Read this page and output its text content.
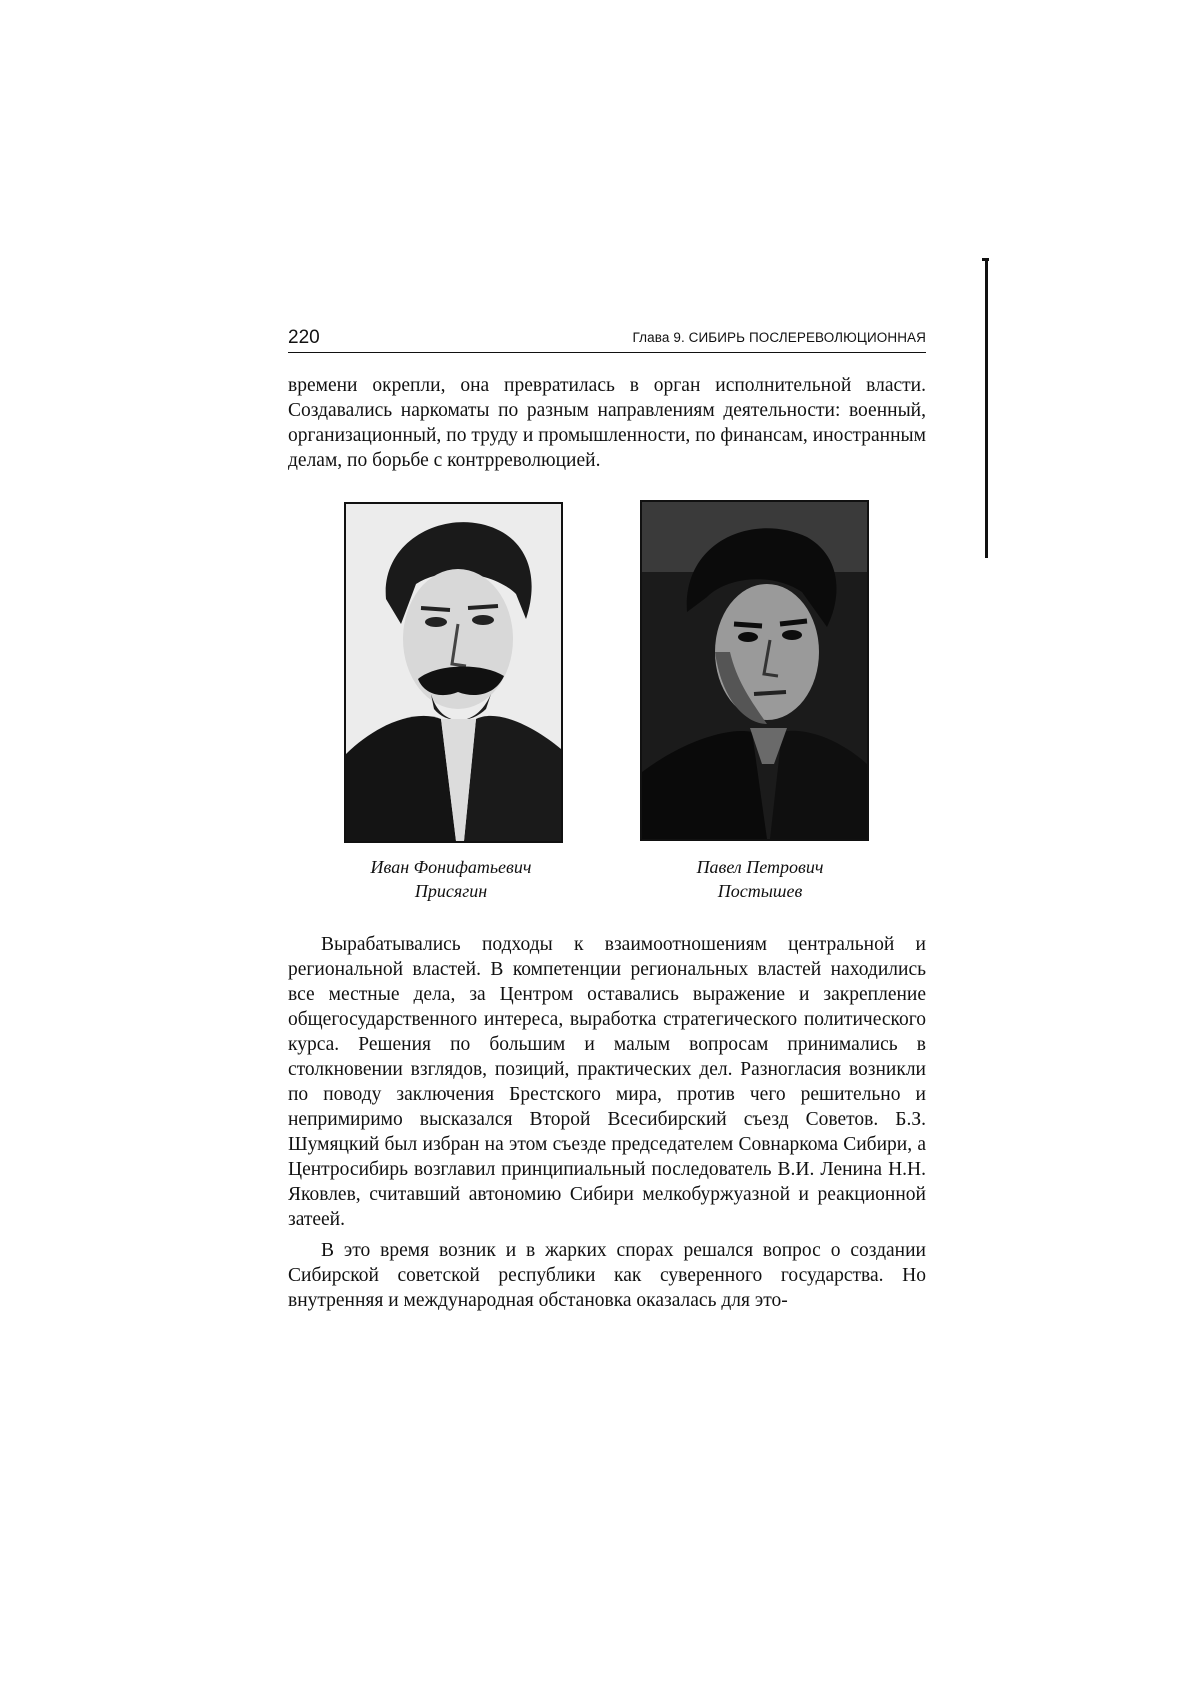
220	Глава 9. СИБИРЬ ПОСЛЕРЕВОЛЮЦИОННАЯ

времени окрепли, она превратилась в орган исполнительной власти. Создавались наркоматы по разным направлениям деятельности: военный, организационный, по труду и промышленности, по финансам, иностранным делам, по борьбе с контрреволюцией.

Иван Фонифатьевич
Присягин
Павел Петрович
Постышев

Вырабатывались подходы к взаимоотношениям центральной и региональной властей. В компетенции региональных властей находились все местные дела, за Центром оставались выражение и закрепление общегосударственного интереса, выработка стратегического политического курса. Решения по большим и малым вопросам принимались в столкновении взглядов, позиций, практических дел. Разногласия возникли по поводу заключения Брестского мира, против чего решительно и непримиримо высказался Второй Всесибирский съезд Советов. Б.З. Шумяцкий был избран на этом съезде председателем Совнаркома Сибири, а Центросибирь возглавил принципиальный последователь В.И. Ленина Н.Н. Яковлев, считавший автономию Сибири мелкобуржуазной и реакционной затеей.

В это время возник и в жарких спорах решался вопрос о создании Сибирской советской республики как суверенного государства. Но внутренняя и международная обстановка оказалась для это-
